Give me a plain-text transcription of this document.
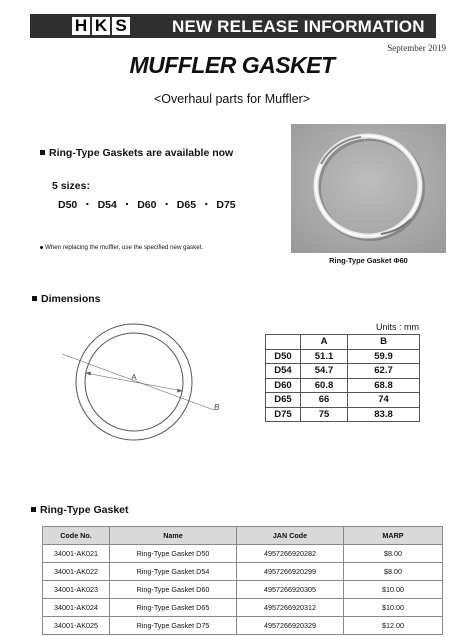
H K S	NEW RELEASE INFORMATION
September 2019
MUFFLER GASKET
<Overhaul parts for Muffler>
Ring-Type Gaskets are available now
5 sizes:
D50 ・ D54 ・ D60 ・ D65 ・ D75
When replacing the muffler, use the specified new gasket.
Ring-Type Gasket Φ60
Dimensions
A
B
Units : mm
	A	B
D50	51.1	59.9
D54	54.7	62.7
D60	60.8	68.8
D65	66	74
D75	75	83.8
Ring-Type Gasket
Code No.	Name	JAN Code	MARP
34001-AK021	Ring-Type Gasket D50	4957266920282	$8.00
34001-AK022	Ring-Type Gasket D54	4957266920299	$8.00
34001-AK023	Ring-Type Gasket D60	4957266920305	$10.00
34001-AK024	Ring-Type Gasket D65	4957266920312	$10.00
34001-AK025	Ring-Type Gasket D75	4957266920329	$12.00
